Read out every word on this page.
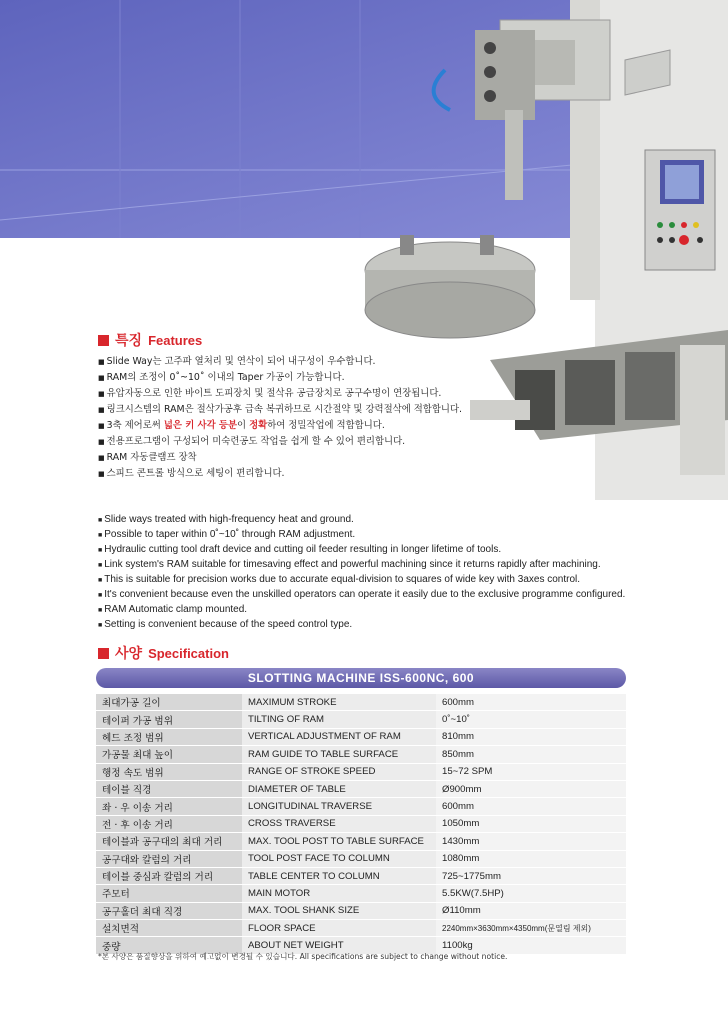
특징 Features
■ Slide Way는 고주파 열처리 및 연삭이 되어 내구성이 우수합니다.
■ RAM의 조정이 0˚~10˚ 이내의 Taper 가공이 가능합니다.
■ 유압자동으로 인한 바이트 도피장치 및 절삭유 공급장치로 공구수명이 연장됩니다.
■ 링크시스템의 RAM은 절삭가공후 급속 복귀하므로 시간절약 및 강력절삭에 적합합니다.
■ 3축 제어로써 넓은 키 사각 등분이 정확하여 정밀작업에 적합합니다.
■ 전용프로그램이 구성되어 미숙련공도 작업을 쉽게 할 수 있어 편리합니다.
■ RAM 자동클램프 장착
■ 스피드 콘트롤 방식으로 세팅이 편리합니다.
■ Slide ways treated with high-frequency heat and ground.
■ Possible to taper within 0˚~10˚ through RAM adjustment.
■ Hydraulic cutting tool draft device and cutting oil feeder resulting in longer lifetime of tools.
■ Link system's RAM suitable for timesaving effect and powerful machining since it returns rapidly after machining.
■ This is suitable for precision works due to accurate equal-division to squares of wide key with 3axes control.
■ It's convenient because even the unskilled operators can operate it easily due to the exclusive programme configured.
■ RAM Automatic clamp mounted.
■ Setting is convenient because of the speed control type.
사양 Specification
SLOTTING MACHINE ISS-600NC, 600
최대가공 길이	MAXIMUM STROKE	600mm
테이퍼 가공 범위	TILTING OF RAM	0˚~10˚
헤드 조정 범위	VERTICAL ADJUSTMENT OF RAM	810mm
가공물 최대 높이	RAM GUIDE TO TABLE SURFACE	850mm
행정 속도 범위	RANGE OF STROKE SPEED	15~72 SPM
테이블 직경	DIAMETER OF TABLE	Ø900mm
좌 · 우 이송 거리	LONGITUDINAL TRAVERSE	600mm
전 · 후 이송 거리	CROSS TRAVERSE	1050mm
테이블과 공구대의 최대 거리	MAX. TOOL POST TO TABLE SURFACE	1430mm
공구대와 칼럼의 거리	TOOL POST FACE TO COLUMN	1080mm
테이블 중심과 칼럼의 거리	TABLE CENTER TO COLUMN	725~1775mm
주모터	MAIN MOTOR	5.5KW(7.5HP)
공구홀더 최대 직경	MAX. TOOL SHANK SIZE	Ø110mm
설치면적	FLOOR SPACE	2240mm×3630mm×4350mm(문열림 제외)
중량	ABOUT NET WEIGHT	1100kg
*본 사양은 품질향상을 위하여 예고없이 변경될 수 있습니다. All specifications are subject to change without notice.
